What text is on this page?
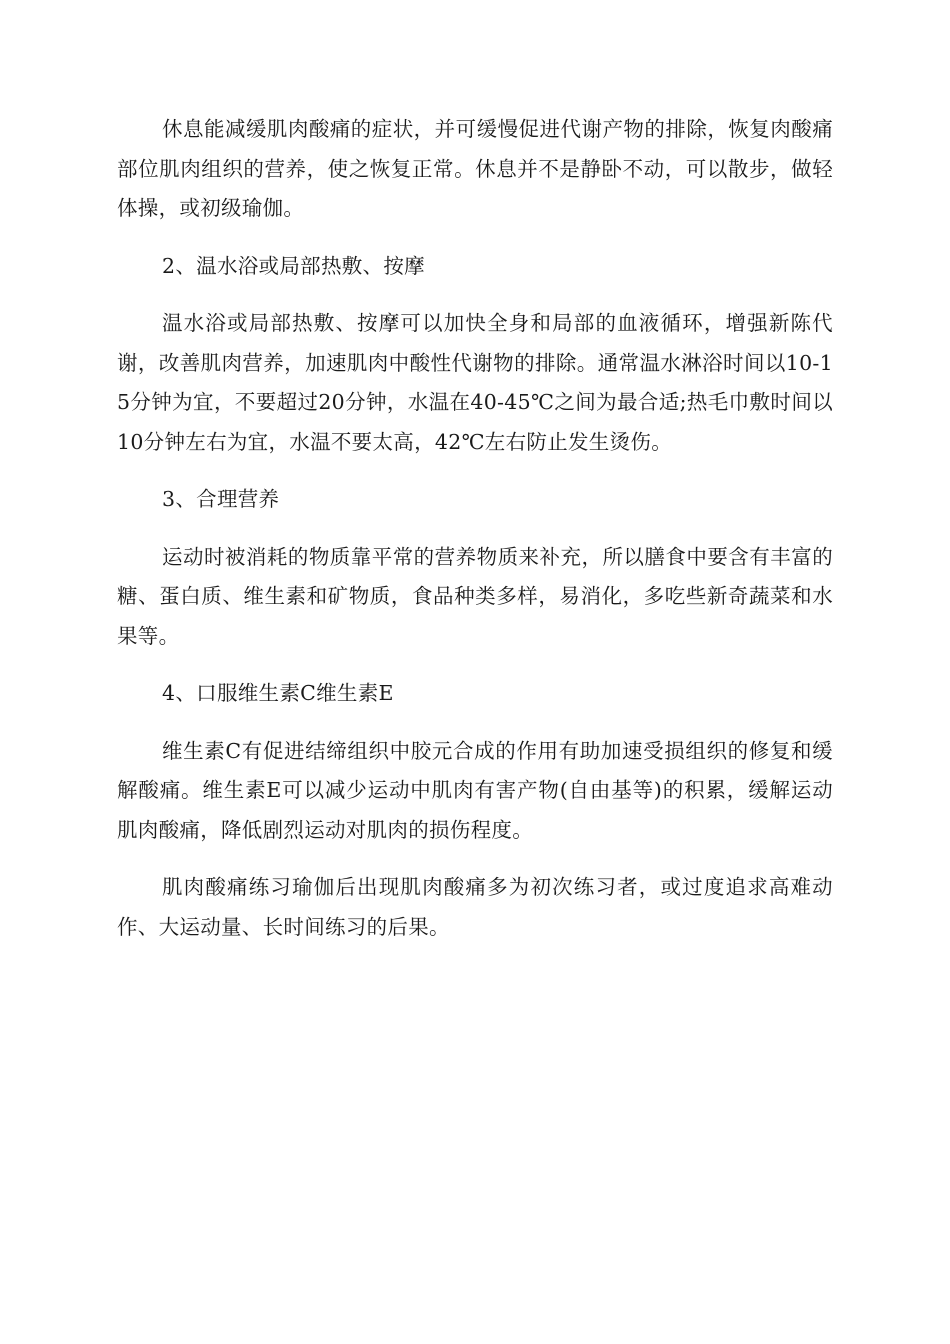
休息能减缓肌肉酸痛的症状，并可缓慢促进代谢产物的排除，恢复肉酸痛部位肌肉组织的营养，使之恢复正常。休息并不是静卧不动，可以散步，做轻体操，或初级瑜伽。

2、温水浴或局部热敷、按摩

温水浴或局部热敷、按摩可以加快全身和局部的血液循环，增强新陈代谢，改善肌肉营养，加速肌肉中酸性代谢物的排除。通常温水淋浴时间以10-15分钟为宜，不要超过20分钟，水温在40-45℃之间为最合适;热毛巾敷时间以10分钟左右为宜，水温不要太高，42℃左右防止发生烫伤。

3、合理营养

运动时被消耗的物质靠平常的营养物质来补充，所以膳食中要含有丰富的糖、蛋白质、维生素和矿物质，食品种类多样，易消化，多吃些新奇蔬菜和水果等。

4、口服维生素C维生素E

维生素C有促进结缔组织中胶元合成的作用有助加速受损组织的修复和缓解酸痛。维生素E可以减少运动中肌肉有害产物(自由基等)的积累，缓解运动肌肉酸痛，降低剧烈运动对肌肉的损伤程度。

肌肉酸痛练习瑜伽后出现肌肉酸痛多为初次练习者，或过度追求高难动作、大运动量、长时间练习的后果。
